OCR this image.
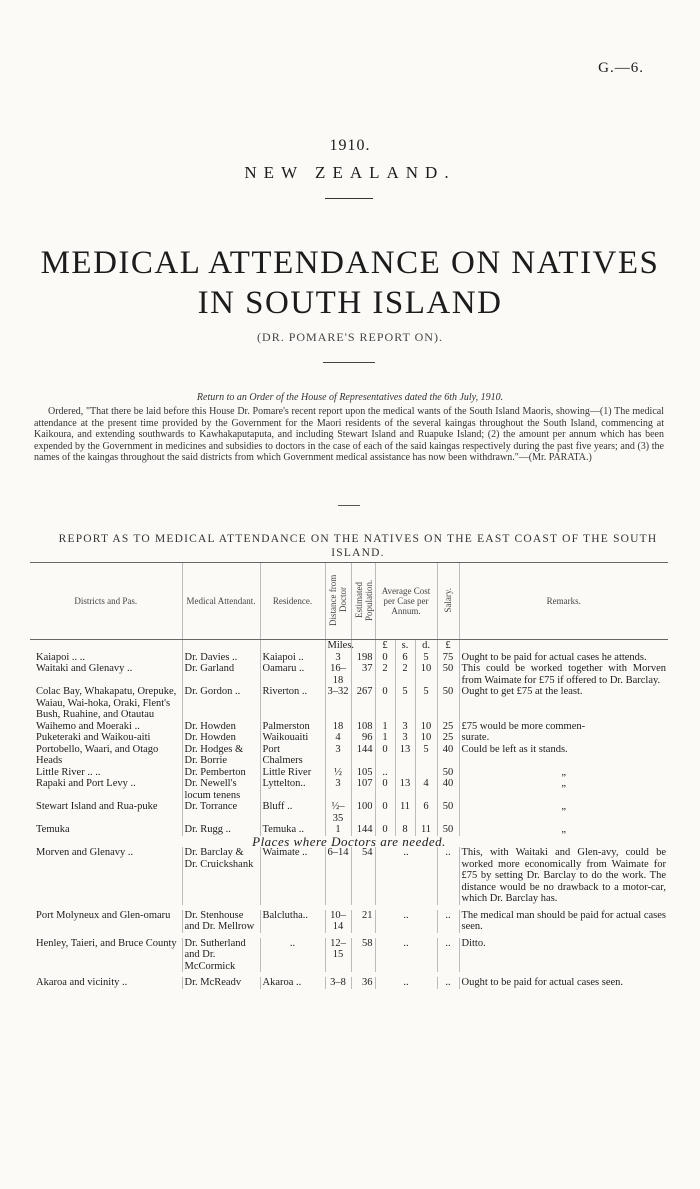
G.—6.
1910.
NEW ZEALAND.
MEDICAL ATTENDANCE ON NATIVES IN SOUTH ISLAND
(DR. POMARE'S REPORT ON).
Return to an Order of the House of Representatives dated the 6th July, 1910.
Ordered, "That there be laid before this House Dr. Pomare's recent report upon the medical wants of the South Island Maoris, showing—(1) The medical attendance at the present time provided by the Government for the Maori residents of the several kaingas throughout the South Island, commencing at Kaikoura, and extending southwards to Kawhakaputaputa, and including Stewart Island and Ruapuke Island; (2) the amount per annum which has been expended by the Government in medicines and subsidies to doctors in the case of each of the said kaingas respectively during the past five years; and (3) the names of the kaingas throughout the said districts from which Government medical assistance has now been withdrawn."—(Mr. PARATA.)
REPORT AS TO MEDICAL ATTENDANCE ON THE NATIVES ON THE EAST COAST OF THE SOUTH ISLAND.
Districts and Pas.	Medical Attendant.	Residence.	Distance from Doctor	Estimated Population.	Average Cost per Case per Annum.			Salary.	Remarks.
			Miles.		£	s.	d.	£	
Kaiapoi .. ..	Dr. Davies ..	Kaiapoi ..	3	198	0	6	5	75	Ought to be paid for actual cases he attends.
Waitaki and Glenavy ..	Dr. Garland	Oamaru ..	16–18	37	2	2	10	50	This could be worked together with Morven from Waimate for £75 if offered to Dr. Barclay.
Colac Bay, Whakapatu, Orepuke, Waiau, Wai-hoka, Oraki, Flent's Bush, Ruahine, and Otautau	Dr. Gordon ..	Riverton ..	3–32	267	0	5	5	50	Ought to get £75 at the least.
Waihemo and Moeraki ..	Dr. Howden	Palmerston	18	108	1	3	10	25	£75 would be more commen-
Puketeraki and Waikou-aiti	Dr. Howden	Waikouaiti	4	96	1	3	10	25	surate.
Portobello, Waari, and Otago Heads	Dr. Hodges & Dr. Borrie	Port Chalmers	3	144	0	13	5	40	Could be left as it stands.
Little River .. ..	Dr. Pemberton	Little River	½	105	..			50	„
Rapaki and Port Levy ..	Dr. Newell's locum tenens	Lyttelton..	3	107	0	13	4	40	„
Stewart Island and Rua-puke	Dr. Torrance	Bluff ..	½–35	100	0	11	6	50	„
Temuka	Dr. Rugg ..	Temuka ..	1	144	0	8	11	50	„
Places where Doctors are needed.									
Morven and Glenavy ..	Dr. Barclay & Dr. Cruickshank	Waimate ..	6–14	54	..			..	This, with Waitaki and Glen-avy, could be worked more economically from Waimate for £75 by setting Dr. Barclay to do the work. The distance would be no drawback to a motor-car, which Dr. Barclay has.

Port Molyneux and Glen-omaru	Dr. Stenhouse and Dr. Mellrow	Balclutha..	10–14	21	..			..	The medical man should be paid for actual cases seen.

Henley, Taieri, and Bruce County	Dr. Sutherland and Dr. McCormick	..	12–15	58	..			..	Ditto.

Akaroa and vicinity ..	Dr. McReadv	Akaroa ..	3–8	36	..			..	Ought to be paid for actual cases seen.
